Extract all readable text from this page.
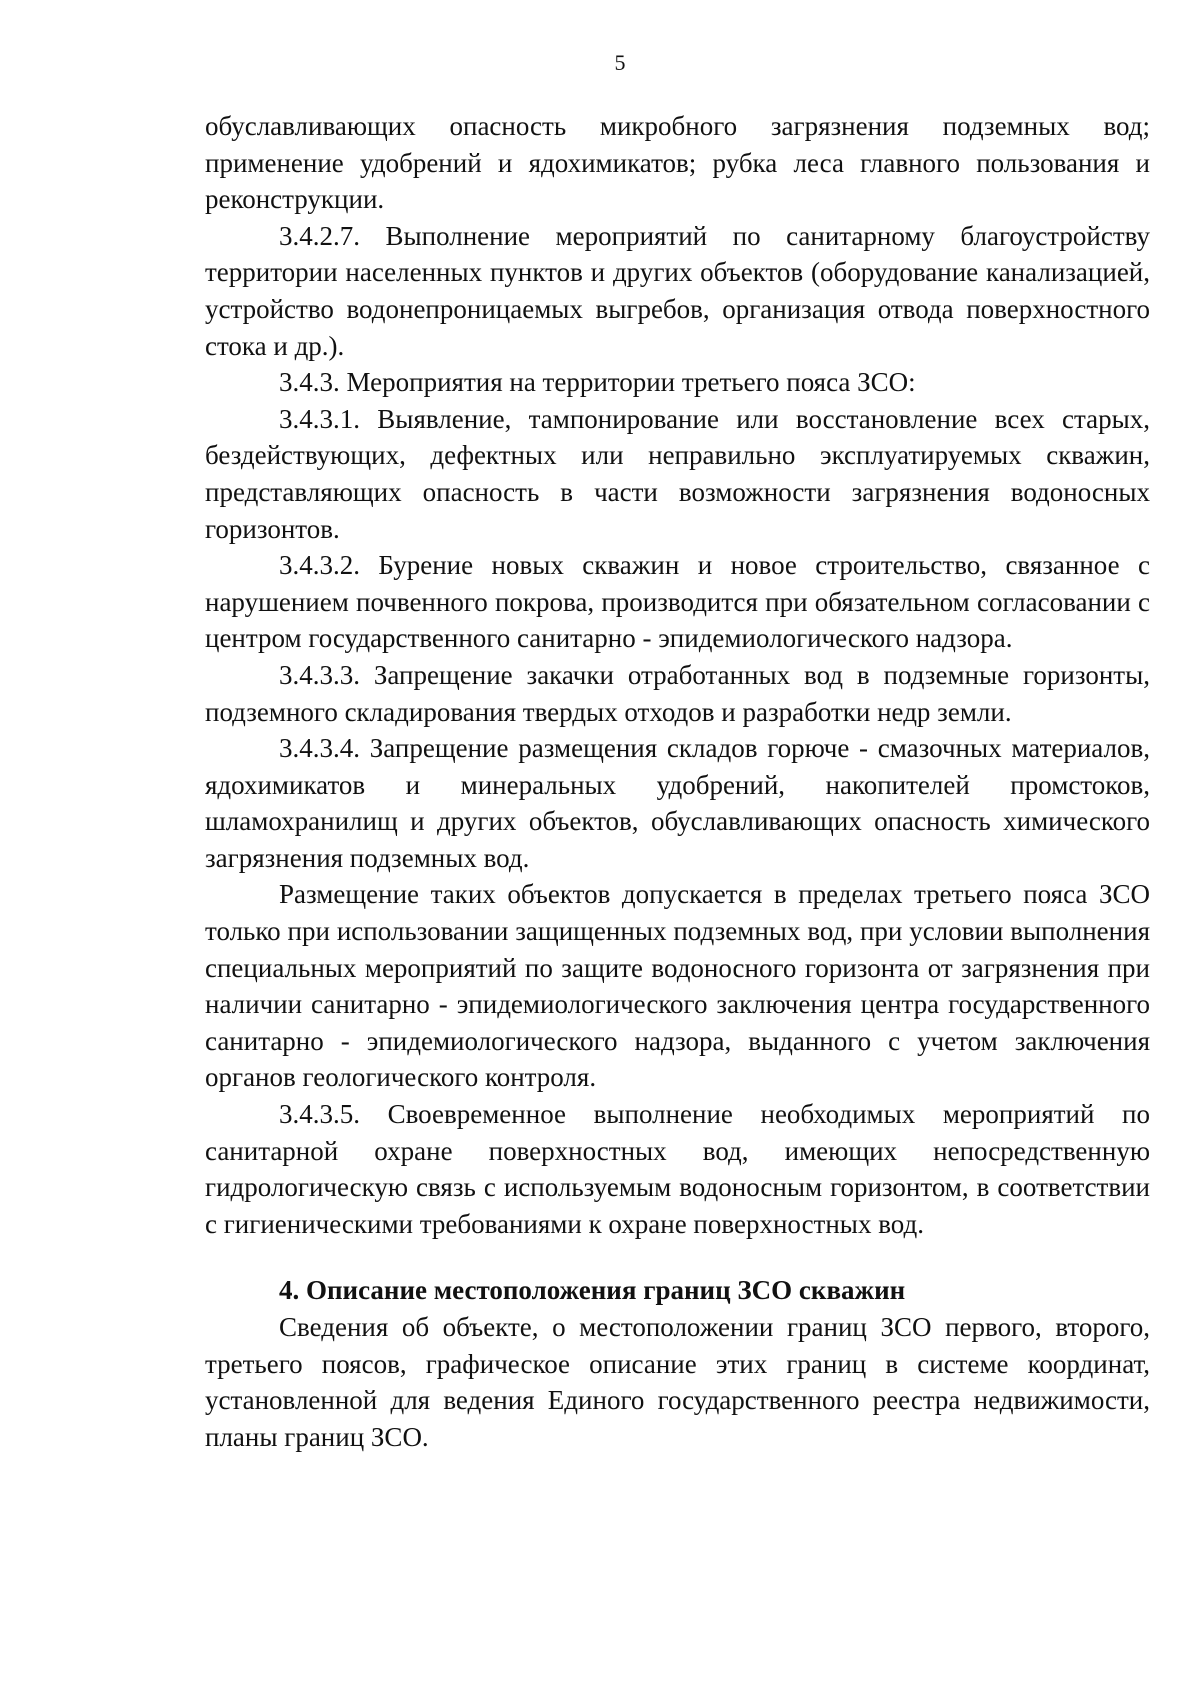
5

обуславливающих опасность микробного загрязнения подземных вод; применение удобрений и ядохимикатов; рубка леса главного пользования и реконструкции.

3.4.2.7. Выполнение мероприятий по санитарному благоустройству территории населенных пунктов и других объектов (оборудование канализацией, устройство водонепроницаемых выгребов, организация отвода поверхностного стока и др.).

3.4.3. Мероприятия на территории третьего пояса ЗСО:

3.4.3.1. Выявление, тампонирование или восстановление всех старых, бездействующих, дефектных или неправильно эксплуатируемых скважин, представляющих опасность в части возможности загрязнения водоносных горизонтов.

3.4.3.2. Бурение новых скважин и новое строительство, связанное с нарушением почвенного покрова, производится при обязательном согласовании с центром государственного санитарно - эпидемиологического надзора.

3.4.3.3. Запрещение закачки отработанных вод в подземные горизонты, подземного складирования твердых отходов и разработки недр земли.

3.4.3.4. Запрещение размещения складов горюче - смазочных материалов, ядохимикатов и минеральных удобрений, накопителей промстоков, шламохранилищ и других объектов, обуславливающих опасность химического загрязнения подземных вод.

Размещение таких объектов допускается в пределах третьего пояса ЗСО только при использовании защищенных подземных вод, при условии выполнения специальных мероприятий по защите водоносного горизонта от загрязнения при наличии санитарно - эпидемиологического заключения центра государственного санитарно - эпидемиологического надзора, выданного с учетом заключения органов геологического контроля.

3.4.3.5. Своевременное выполнение необходимых мероприятий по санитарной охране поверхностных вод, имеющих непосредственную гидрологическую связь с используемым водоносным горизонтом, в соответствии с гигиеническими требованиями к охране поверхностных вод.

4. Описание местоположения границ ЗСО скважин

Сведения об объекте, о местоположении границ ЗСО первого, второго, третьего поясов, графическое описание этих границ в системе координат, установленной для ведения Единого государственного реестра недвижимости, планы границ ЗСО.
